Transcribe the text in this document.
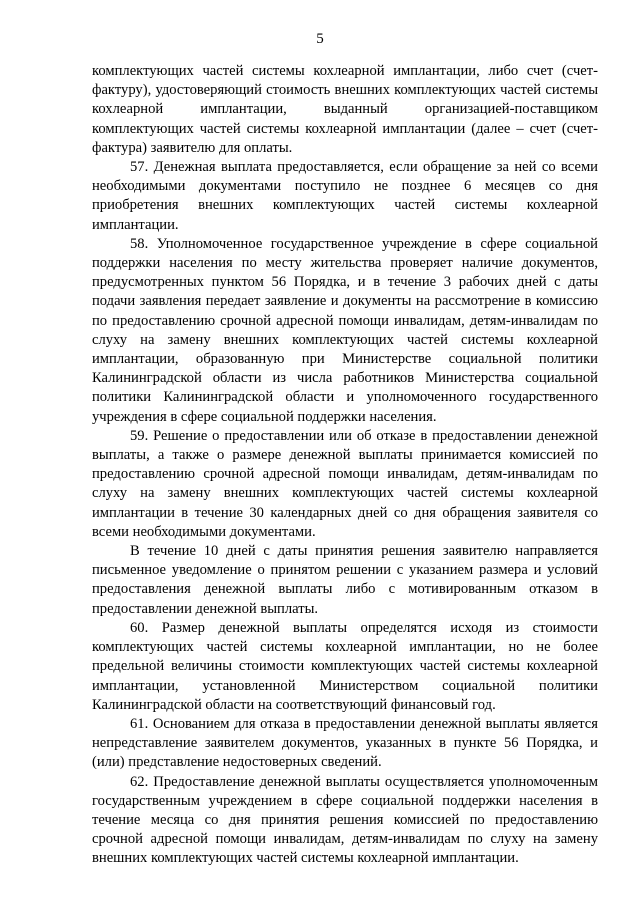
5

комплектующих частей системы кохлеарной имплантации, либо счет (счет-фактуру), удостоверяющий стоимость внешних комплектующих частей системы кохлеарной имплантации, выданный организацией-поставщиком комплектующих частей системы кохлеарной имплантации (далее – счет (счет-фактура) заявителю для оплаты.

57. Денежная выплата предоставляется, если обращение за ней со всеми необходимыми документами поступило не позднее 6 месяцев со дня приобретения внешних комплектующих частей системы кохлеарной имплантации.

58. Уполномоченное государственное учреждение в сфере социальной поддержки населения по месту жительства проверяет наличие документов, предусмотренных пунктом 56 Порядка, и в течение 3 рабочих дней с даты подачи заявления передает заявление и документы на рассмотрение в комиссию по предоставлению срочной адресной помощи инвалидам, детям-инвалидам по слуху на замену внешних комплектующих частей системы кохлеарной имплантации, образованную при Министерстве социальной политики Калининградской области из числа работников Министерства социальной политики Калининградской области и уполномоченного государственного учреждения в сфере социальной поддержки населения.

59. Решение о предоставлении или об отказе в предоставлении денежной выплаты, а также о размере денежной выплаты принимается комиссией по предоставлению срочной адресной помощи инвалидам, детям-инвалидам по слуху на замену внешних комплектующих частей системы кохлеарной имплантации в течение 30 календарных дней со дня обращения заявителя со всеми необходимыми документами.

В течение 10 дней с даты принятия решения заявителю направляется письменное уведомление о принятом решении с указанием размера и условий предоставления денежной выплаты либо с мотивированным отказом в предоставлении денежной выплаты.

60. Размер денежной выплаты определятся исходя из стоимости комплектующих частей системы кохлеарной имплантации, но не более предельной величины стоимости комплектующих частей системы кохлеарной имплантации, установленной Министерством социальной политики Калининградской области на соответствующий финансовый год.

61. Основанием для отказа в предоставлении денежной выплаты является непредставление заявителем документов, указанных в пункте 56 Порядка, и (или) представление недостоверных сведений.

62. Предоставление денежной выплаты осуществляется уполномоченным государственным учреждением в сфере социальной поддержки населения в течение месяца со дня принятия решения комиссией по предоставлению срочной адресной помощи инвалидам, детям-инвалидам по слуху на замену внешних комплектующих частей системы кохлеарной имплантации.
